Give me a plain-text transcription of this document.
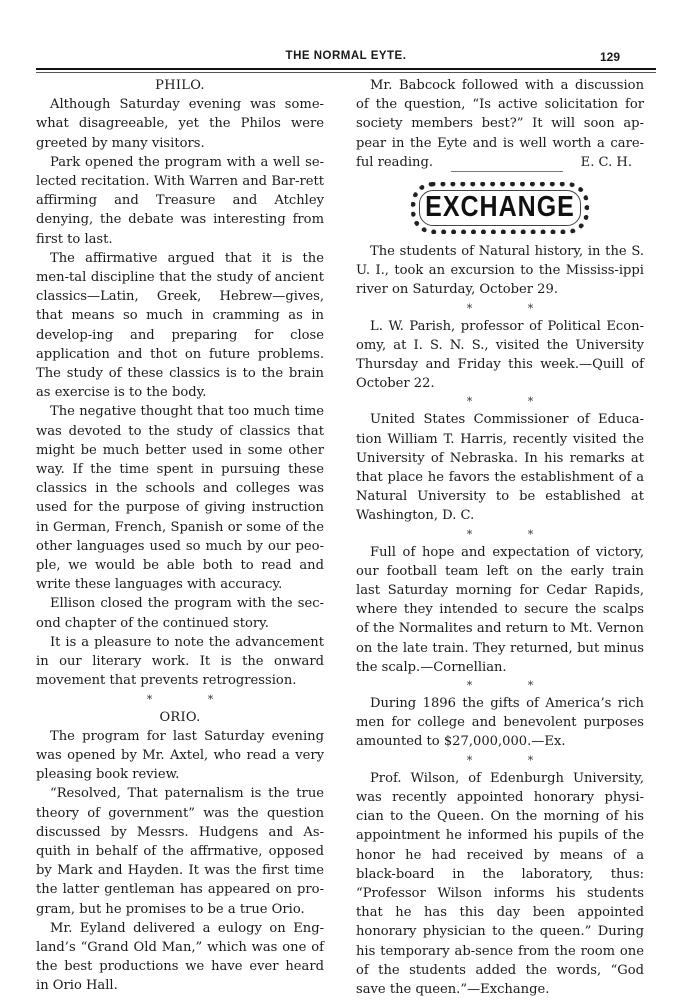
THE NORMAL EYTE.	129
PHILO.

Although Saturday evening was some-what disagreeable, yet the Philos were greeted by many visitors.

Park opened the program with a well se-lected recitation. With Warren and Bar-rett affirming and Treasure and Atchley denying, the debate was interesting from first to last.

The affirmative argued that it is the men-tal discipline that the study of ancient classics—Latin, Greek, Hebrew—gives, that means so much in cramming as in develop-ing and preparing for close application and thot on future problems. The study of these classics is to the brain as exercise is to the body.

The negative thought that too much time was devoted to the study of classics that might be much better used in some other way. If the time spent in pursuing these classics in the schools and colleges was used for the purpose of giving instruction in German, French, Spanish or some of the other languages used so much by our peo-ple, we would be able both to read and write these languages with accuracy.

Ellison closed the program with the sec-ond chapter of the continued story.

It is a pleasure to note the advancement in our literary work. It is the onward movement that prevents retrogression.

* *
ORIO.

The program for last Saturday evening was opened by Mr. Axtel, who read a very pleasing book review.

“Resolved, That paternalism is the true theory of government” was the question discussed by Messrs. Hudgens and As-quith in behalf of the affrmative, opposed by Mark and Hayden. It was the first time the latter gentleman has appeared on pro-gram, but he promises to be a true Orio.

Mr. Eyland delivered a eulogy on Eng-land’s “Grand Old Man,” which was one of the best productions we have ever heard in Orio Hall.

Mr. Babcock followed with a discussion of the question, “Is active solicitation for society members best?” It will soon ap-pear in the Eyte and is well worth a care-

ful reading.	E. C. H.
EXCHANGE

The students of Natural history, in the S. U. I., took an excursion to the Mississ-ippi river on Saturday, October 29.

* *

L. W. Parish, professor of Political Econ-omy, at I. S. N. S., visited the University Thursday and Friday this week.—Quill of October 22.

* *

United States Commissioner of Educa-tion William T. Harris, recently visited the University of Nebraska. In his remarks at that place he favors the establishment of a Natural University to be established at Washington, D. C.

* *

Full of hope and expectation of victory, our football team left on the early train last Saturday morning for Cedar Rapids, where they intended to secure the scalps of the Normalites and return to Mt. Vernon on the late train. They returned, but minus the scalp.—Cornellian.

* *

During 1896 the gifts of America’s rich men for college and benevolent purposes amounted to $27,000,000.—Ex.

* *

Prof. Wilson, of Edenburgh University, was recently appointed honorary physi-cian to the Queen. On the morning of his appointment he informed his pupils of the honor he had received by means of a black-board in the laboratory, thus: “Professor Wilson informs his students that he has this day been appointed honorary physician to the queen.” During his temporary ab-sence from the room one of the students added the words, “God save the queen.”—Exchange.
